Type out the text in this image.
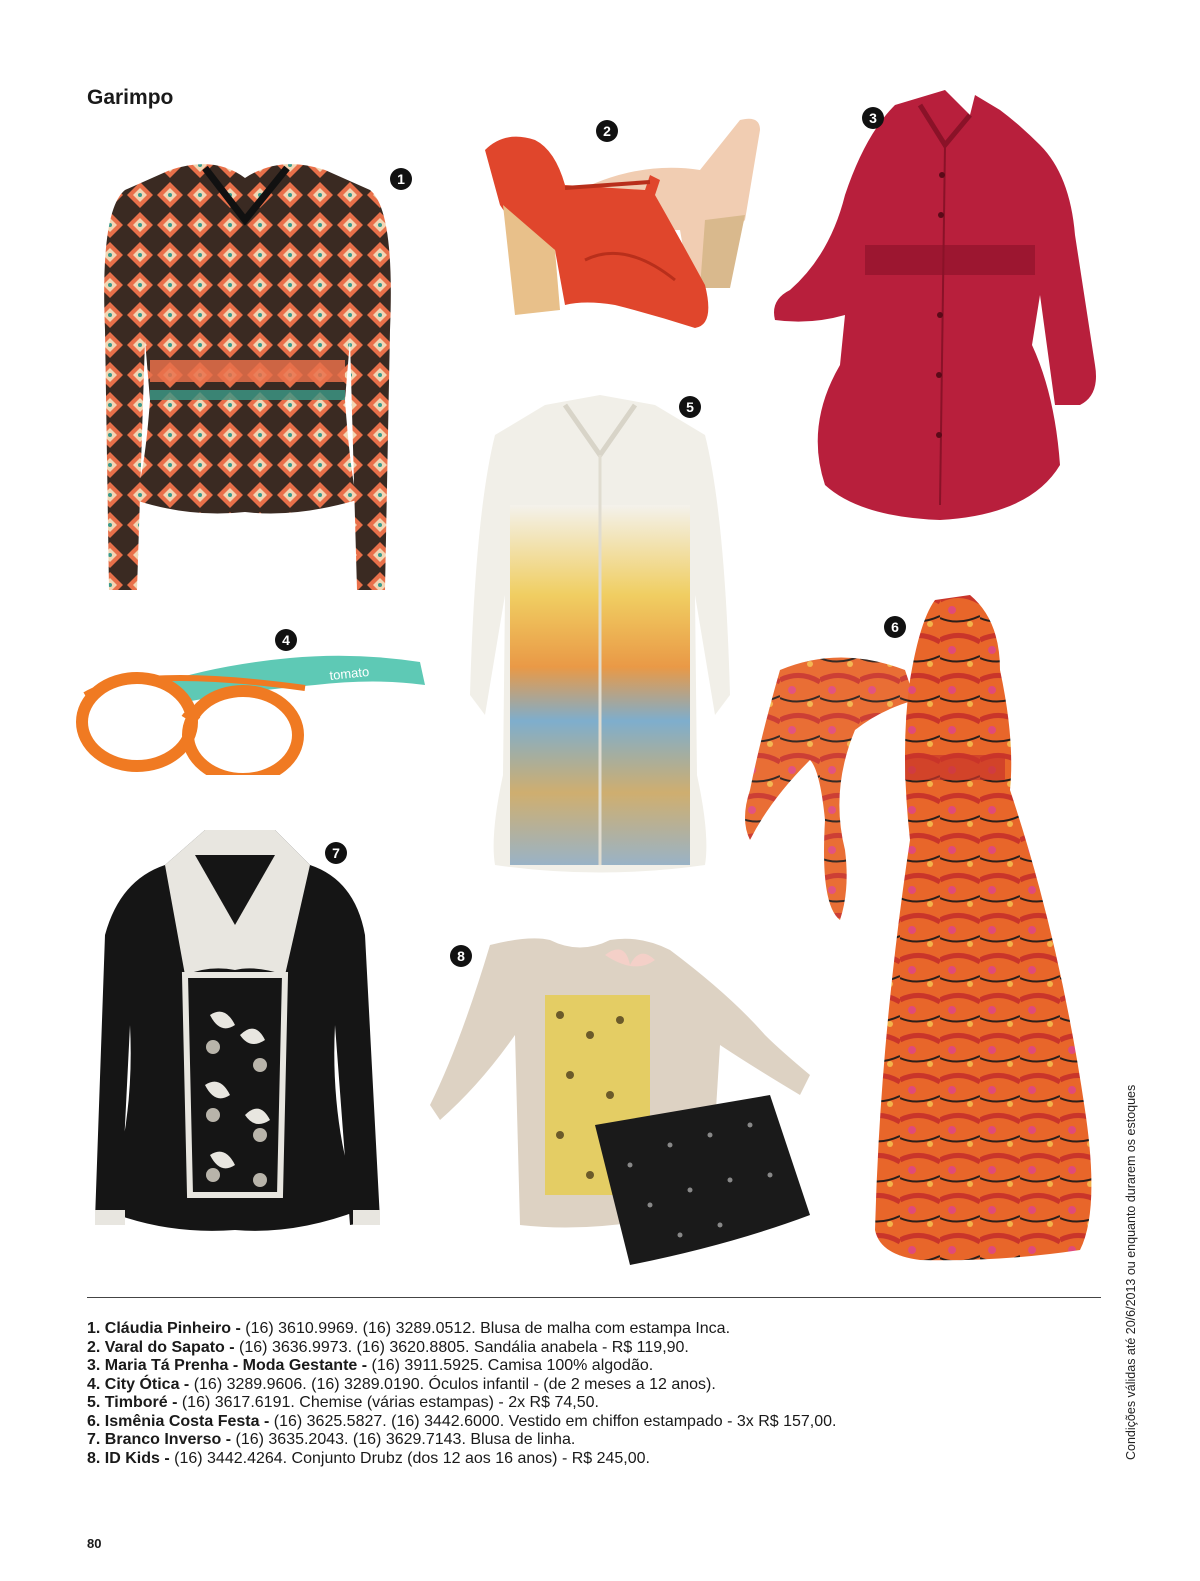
Garimpo
1
2
3
tomato
4
5
6
7
8
1. Cláudia Pinheiro - (16) 3610.9969. (16) 3289.0512. Blusa de malha com estampa Inca.
2. Varal do Sapato - (16) 3636.9973. (16) 3620.8805. Sandália anabela - R$ 119,90.
3. Maria Tá Prenha - Moda Gestante - (16) 3911.5925. Camisa 100% algodão.
4. City Ótica - (16) 3289.9606. (16) 3289.0190. Óculos infantil - (de 2 meses a 12 anos).
5. Timboré - (16) 3617.6191. Chemise (várias estampas) - 2x R$ 74,50.
6. Ismênia Costa Festa - (16) 3625.5827. (16) 3442.6000. Vestido em chiffon estampado - 3x R$ 157,00.
7. Branco Inverso - (16) 3635.2043. (16) 3629.7143. Blusa de linha.
8. ID Kids - (16) 3442.4264. Conjunto Drubz (dos 12 aos 16 anos) - R$ 245,00.	Condições válidas até 20/6/2013 ou enquanto durarem os estoques
80
